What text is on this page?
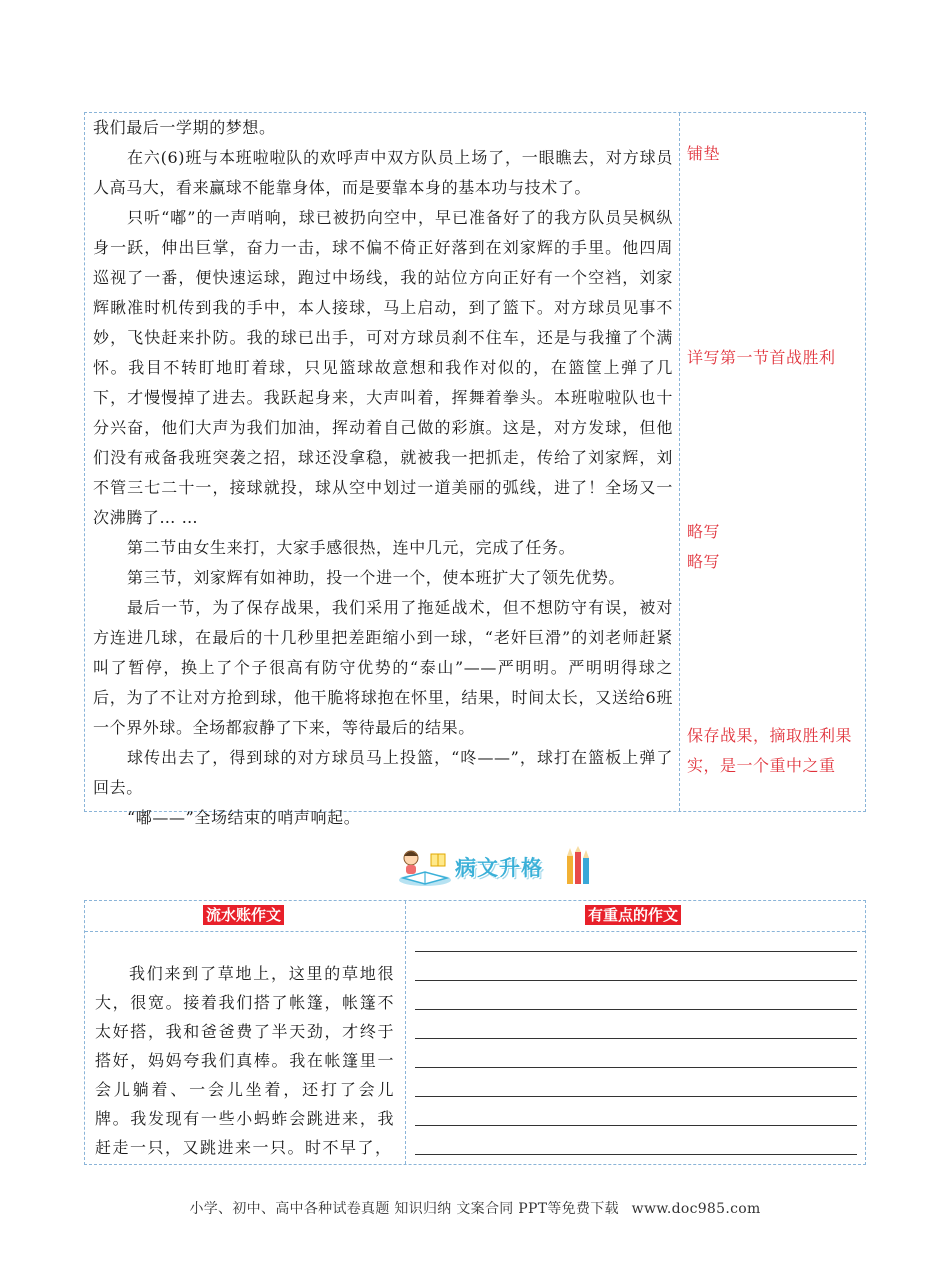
我们最后一学期的梦想。

在六(6)班与本班啦啦队的欢呼声中双方队员上场了，一眼瞧去，对方球员人高马大，看来赢球不能靠身体，而是要靠本身的基本功与技术了。

只听“嘟”的一声哨响，球已被扔向空中，早已准备好了的我方队员吴枫纵身一跃，伸出巨掌，奋力一击，球不偏不倚正好落到在刘家辉的手里。他四周巡视了一番，便快速运球，跑过中场线，我的站位方向正好有一个空裆，刘家辉瞅准时机传到我的手中，本人接球，马上启动，到了篮下。对方球员见事不妙，飞快赶来扑防。我的球已出手，可对方球员刹不住车，还是与我撞了个满怀。我目不转盯地盯着球，只见篮球故意想和我作对似的，在篮筐上弹了几下，才慢慢掉了进去。我跃起身来，大声叫着，挥舞着拳头。本班啦啦队也十分兴奋，他们大声为我们加油，挥动着自己做的彩旗。这是，对方发球，但他们没有戒备我班突袭之招，球还没拿稳，就被我一把抓走，传给了刘家辉，刘不管三七二十一，接球就投，球从空中划过一道美丽的弧线，进了！全场又一次沸腾了… …

第二节由女生来打，大家手感很热，连中几元，完成了任务。

第三节，刘家辉有如神助，投一个进一个，使本班扩大了领先优势。

最后一节，为了保存战果，我们采用了拖延战术，但不想防守有误，被对方连进几球，在最后的十几秒里把差距缩小到一球，“老奸巨滑”的刘老师赶紧叫了暂停，换上了个子很高有防守优势的“泰山”——严明明。严明明得球之后，为了不让对方抢到球，他干脆将球抱在怀里，结果，时间太长，又送给6班一个界外球。全场都寂静了下来，等待最后的结果。

球传出去了，得到球的对方球员马上投篮，“咚——”，球打在篮板上弹了回去。

“嘟——”全场结束的哨声响起。

铺垫
详写第一节首战胜利
略写
略写
保存战果，摘取胜利果实，是一个重中之重
病文升格
流水账作文	有重点的作文

我们来到了草地上，这里的草地很大，很宽。接着我们搭了帐篷，帐篷不太好搭，我和爸爸费了半天劲，才终于搭好，妈妈夸我们真棒。我在帐篷里一会儿躺着、一会儿坐着，还打了会儿牌。我发现有一些小蚂蚱会跳进来，我赶走一只，又跳进来一只。时不早了，

小学、初中、高中各种试卷真题 知识归纳 文案合同 PPT等免费下载 www.doc985.com
